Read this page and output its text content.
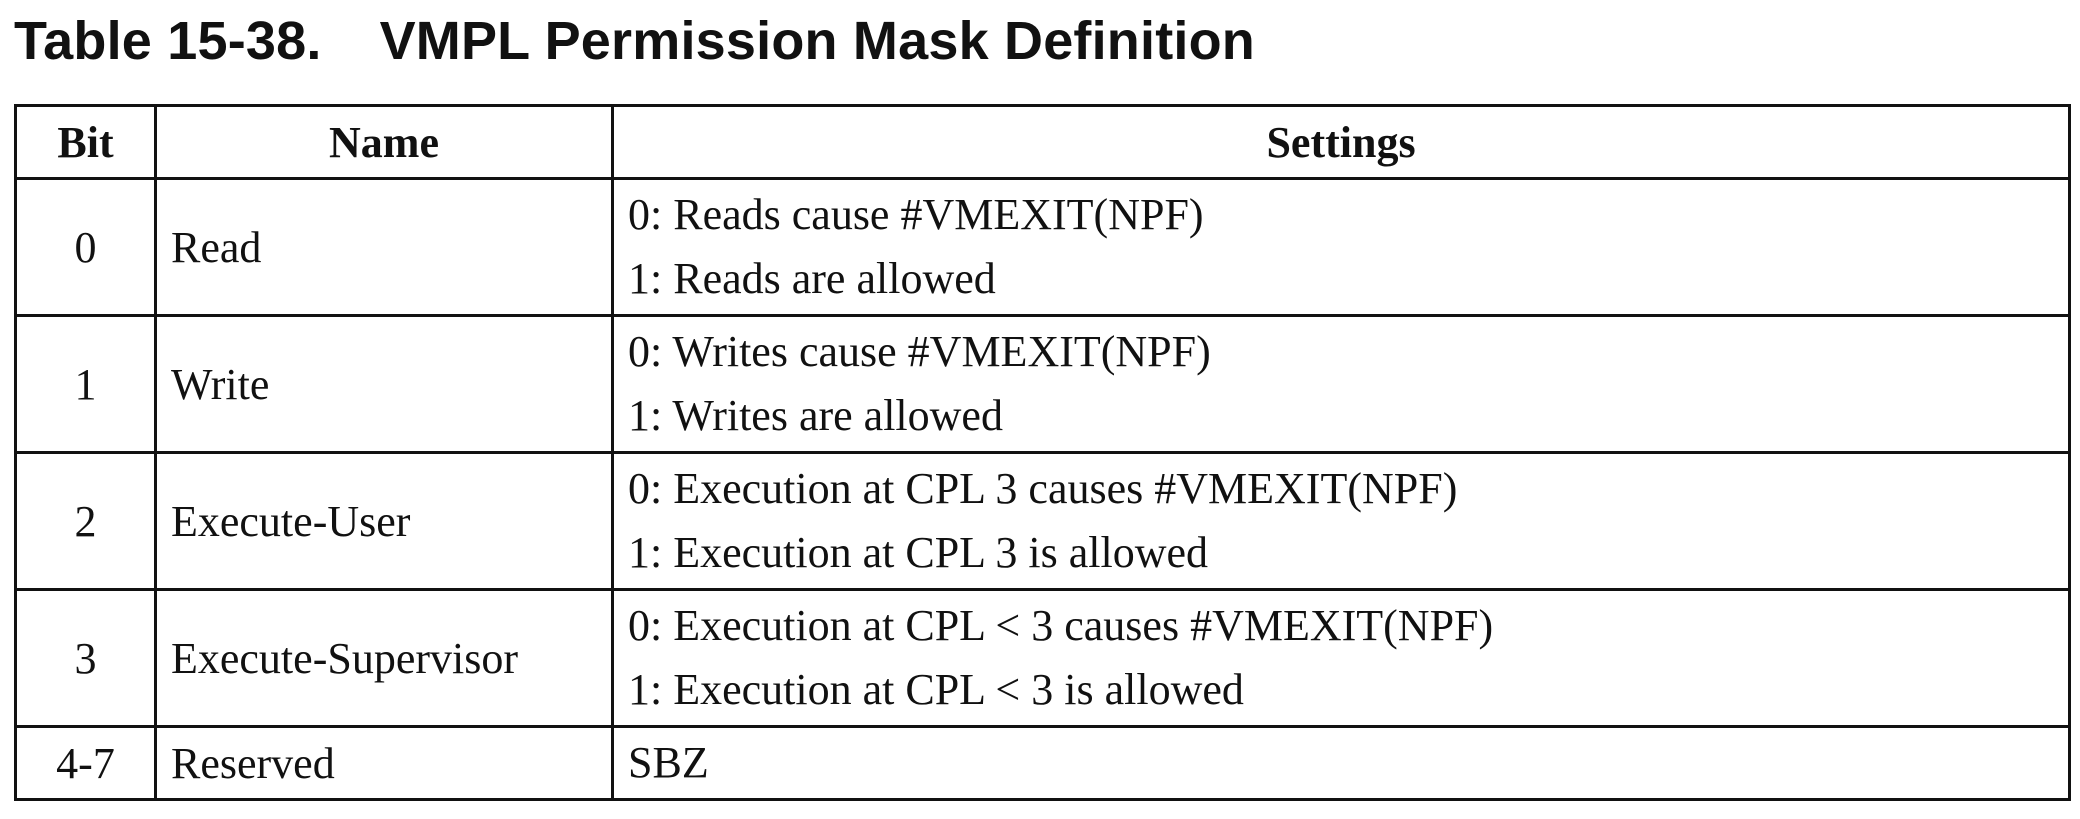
Table 15-38. VMPL Permission Mask Definition
Bit	Name	Settings
0	Read	0: Reads cause #VMEXIT(NPF)
1: Reads are allowed

1	Write	0: Writes cause #VMEXIT(NPF)
1: Writes are allowed

2	Execute-User	0: Execution at CPL 3 causes #VMEXIT(NPF)
1: Execution at CPL 3 is allowed

3	Execute-Supervisor	0: Execution at CPL < 3 causes #VMEXIT(NPF)
1: Execution at CPL < 3 is allowed

4-7	Reserved	SBZ
